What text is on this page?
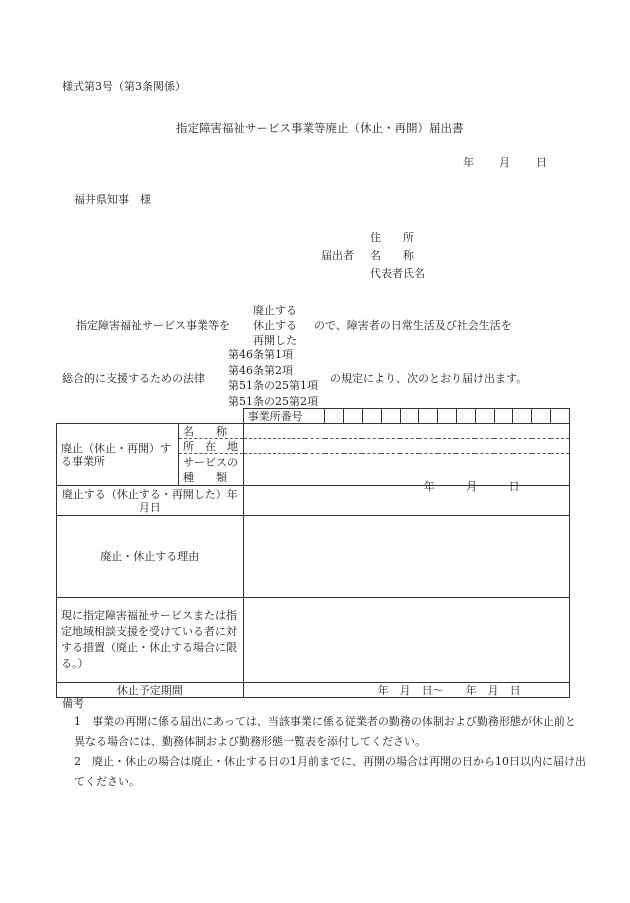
様式第3号（第3条関係）
指定障害福祉サービス事業等廃止（休止・再開）届出書
年 月 日
福井県知事　様
届出者
住　　所
名　　称
代表者氏名
指定障害福祉サービス事業等を
廃止する
休止する
再開した
ので、障害者の日常生活及び社会生活を
総合的に支援するための法律
第46条第1項
第46条第2項
第51条の25第1項
第51条の25第2項
の規定により、次のとおり届け出ます。

		事業所番号													

廃止（休止・再開）する事業所	名　　称														
	所　在　地														
	サービスの種　　類														

廃止する（休止する・再開した）年月日		年 月 日													
廃止・休止する理由															
現に指定障害福祉サービスまたは指定地域相談支援を受けている者に対する措置（廃止・休止する場合に限る。）															
休止予定期間		年　月　日～　　年　月　日													
備考
1　事業の再開に係る届出にあっては、当該事業に係る従業者の勤務の体制および勤務形態が休止前と異なる場合には、勤務体制および勤務形態一覧表を添付してください。
2　廃止・休止の場合は廃止・休止する日の1月前までに、再開の場合は再開の日から10日以内に届け出てください。
